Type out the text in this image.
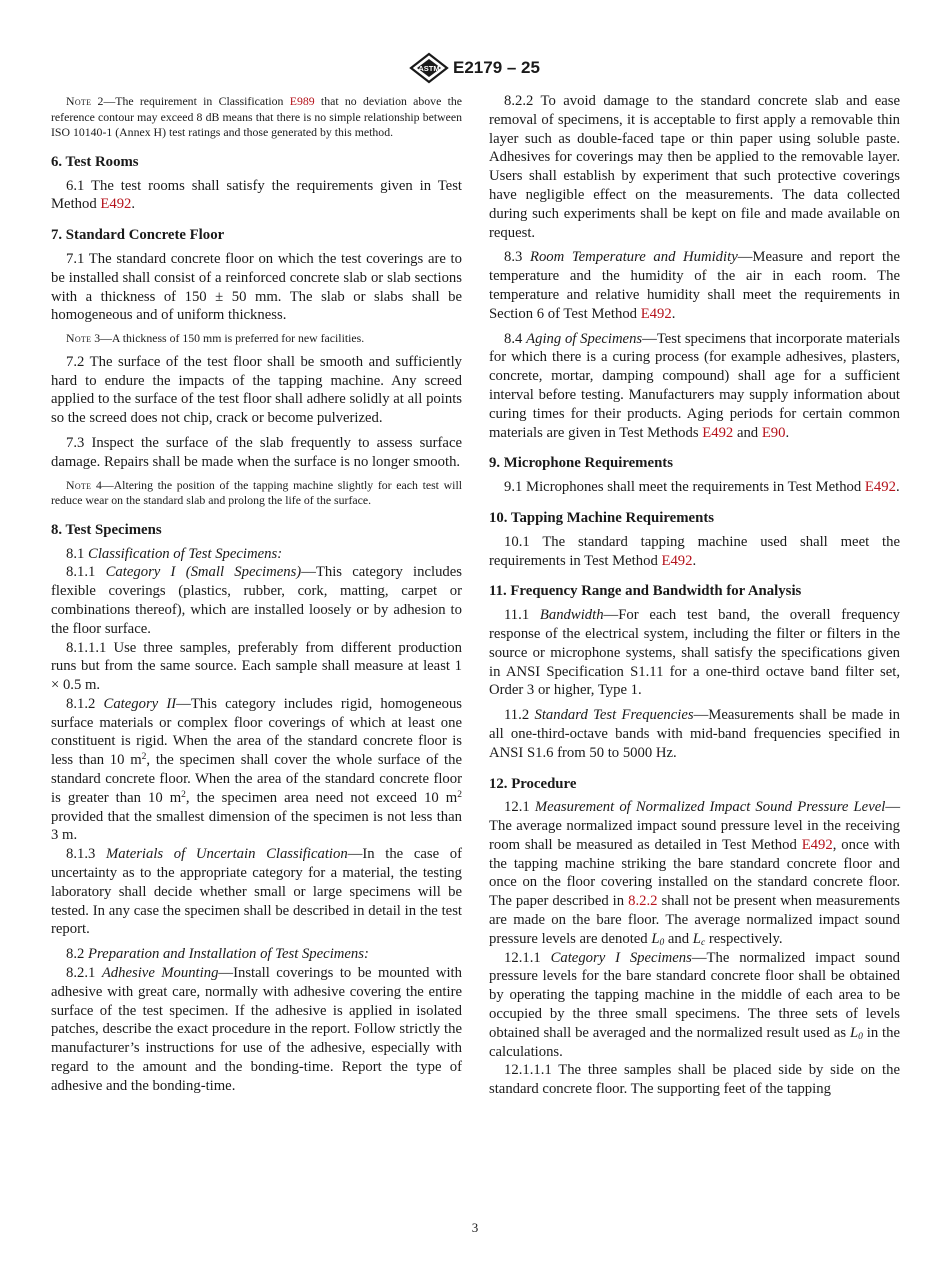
ASTM E2179 – 25

Note 2—The requirement in Classification E989 that no deviation above the reference contour may exceed 8 dB means that there is no simple relationship between ISO 10140-1 (Annex H) test ratings and those generated by this method.

6. Test Rooms

6.1 The test rooms shall satisfy the requirements given in Test Method E492.

7. Standard Concrete Floor

7.1 The standard concrete floor on which the test coverings are to be installed shall consist of a reinforced concrete slab or slab sections with a thickness of 150 ± 50 mm. The slab or slabs shall be homogeneous and of uniform thickness.

Note 3—A thickness of 150 mm is preferred for new facilities.

7.2 The surface of the test floor shall be smooth and sufficiently hard to endure the impacts of the tapping machine. Any screed applied to the surface of the test floor shall adhere solidly at all points so the screed does not chip, crack or become pulverized.

7.3 Inspect the surface of the slab frequently to assess surface damage. Repairs shall be made when the surface is no longer smooth.

Note 4—Altering the position of the tapping machine slightly for each test will reduce wear on the standard slab and prolong the life of the surface.

8. Test Specimens

8.1 Classification of Test Specimens:

8.1.1 Category I (Small Specimens)—This category includes flexible coverings (plastics, rubber, cork, matting, carpet or combinations thereof), which are installed loosely or by adhesion to the floor surface.

8.1.1.1 Use three samples, preferably from different production runs but from the same source. Each sample shall measure at least 1 × 0.5 m.

8.1.2 Category II—This category includes rigid, homogeneous surface materials or complex floor coverings of which at least one constituent is rigid. When the area of the standard concrete floor is less than 10 $m^2$, the specimen shall cover the whole surface of the standard concrete floor. When the area of the standard concrete floor is greater than 10 $m^2$, the specimen area need not exceed 10 $m^2$ provided that the smallest dimension of the specimen is not less than 3 m.

8.1.3 Materials of Uncertain Classification—In the case of uncertainty as to the appropriate category for a material, the testing laboratory shall decide whether small or large specimens will be tested. In any case the specimen shall be described in detail in the test report.

8.2 Preparation and Installation of Test Specimens:

8.2.1 Adhesive Mounting—Install coverings to be mounted with adhesive with great care, normally with adhesive covering the entire surface of the test specimen. If the adhesive is applied in isolated patches, describe the exact procedure in the report. Follow strictly the manufacturer’s instructions for use of the adhesive, especially with regard to the amount and the bonding-time. Report the type of adhesive and the bonding-time.

8.2.2 To avoid damage to the standard concrete slab and ease removal of specimens, it is acceptable to first apply a removable thin layer such as double-faced tape or thin paper using soluble paste. Adhesives for coverings may then be applied to the removable layer. Users shall establish by experiment that such protective coverings have negligible effect on the measurements. The data collected during such experiments shall be kept on file and made available on request.

8.3 Room Temperature and Humidity—Measure and report the temperature and the humidity of the air in each room. The temperature and relative humidity shall meet the requirements in Section 6 of Test Method E492.

8.4 Aging of Specimens—Test specimens that incorporate materials for which there is a curing process (for example adhesives, plasters, concrete, mortar, damping compound) shall age for a sufficient interval before testing. Manufacturers may supply information about curing times for their products. Aging periods for certain common materials are given in Test Methods E492 and E90.

9. Microphone Requirements

9.1 Microphones shall meet the requirements in Test Method E492.

10. Tapping Machine Requirements

10.1 The standard tapping machine used shall meet the requirements in Test Method E492.

11. Frequency Range and Bandwidth for Analysis

11.1 Bandwidth—For each test band, the overall frequency response of the electrical system, including the filter or filters in the source or microphone systems, shall satisfy the specifications given in ANSI Specification S1.11 for a one-third octave band filter set, Order 3 or higher, Type 1.

11.2 Standard Test Frequencies—Measurements shall be made in all one-third-octave bands with mid-band frequencies specified in ANSI S1.6 from 50 to 5000 Hz.

12. Procedure

12.1 Measurement of Normalized Impact Sound Pressure Level—The average normalized impact sound pressure level in the receiving room shall be measured as detailed in Test Method E492, once with the tapping machine striking the bare standard concrete floor and once on the floor covering installed on the standard concrete floor. The paper described in 8.2.2 shall not be present when measurements are made on the bare floor. The average normalized impact sound pressure levels are denoted $L_0$ and $L_c$ respectively.

12.1.1 Category I Specimens—The normalized impact sound pressure levels for the bare standard concrete floor shall be obtained by operating the tapping machine in the middle of each area to be occupied by the three small specimens. The three sets of levels obtained shall be averaged and the normalized result used as $L_0$ in the calculations.

12.1.1.1 The three samples shall be placed side by side on the standard concrete floor. The supporting feet of the tapping

3
